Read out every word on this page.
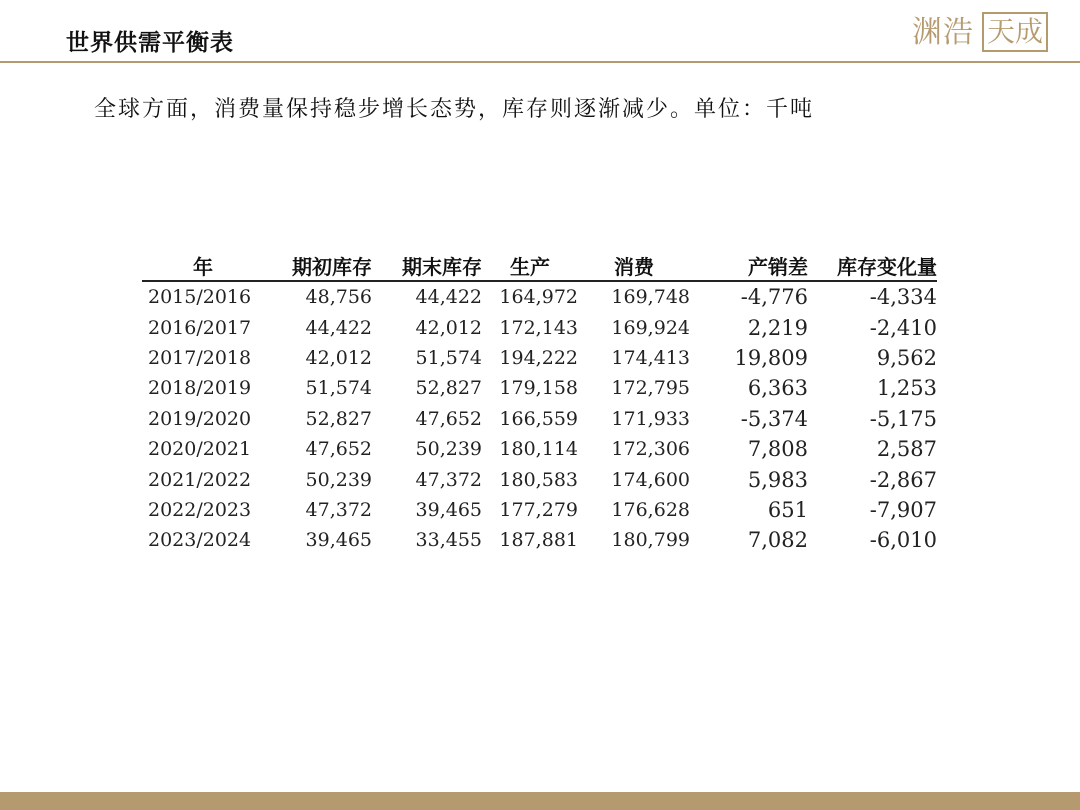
世界供需平衡表	渊浩 天成
全球方面，消费量保持稳步增长态势，库存则逐渐减少。单位：千吨
年	期初库存	期末库存	生产	消费	产销差	库存变化量
2015/2016	48,756	44,422	164,972	169,748	-4,776	-4,334
2016/2017	44,422	42,012	172,143	169,924	2,219	-2,410
2017/2018	42,012	51,574	194,222	174,413	19,809	9,562
2018/2019	51,574	52,827	179,158	172,795	6,363	1,253
2019/2020	52,827	47,652	166,559	171,933	-5,374	-5,175
2020/2021	47,652	50,239	180,114	172,306	7,808	2,587
2021/2022	50,239	47,372	180,583	174,600	5,983	-2,867
2022/2023	47,372	39,465	177,279	176,628	651	-7,907
2023/2024	39,465	33,455	187,881	180,799	7,082	-6,010
